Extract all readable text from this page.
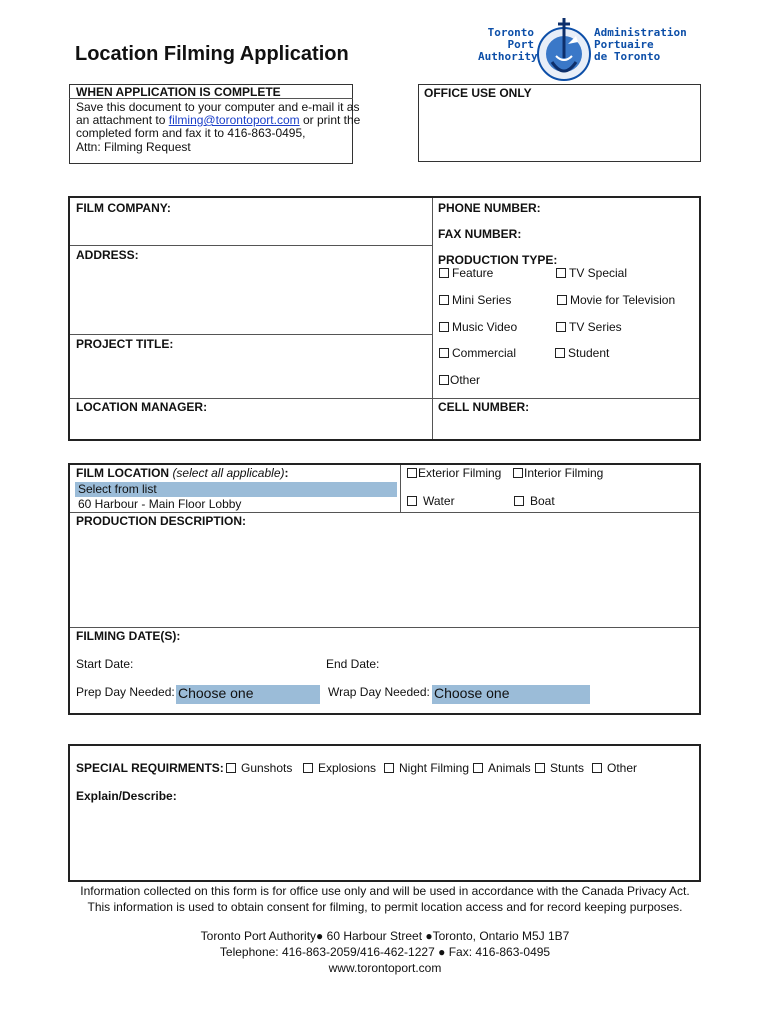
Location Filming Application
Toronto
Port
Authority
Administration
Portuaire
de Toronto
WHEN APPLICATION IS COMPLETE
Save this document to your computer and e-mail it as
an attachment to filming@torontoport.com or print the
completed form and fax it to 416-863-0495,
Attn: Filming Request
OFFICE USE ONLY
FILM COMPANY:
ADDRESS:
PROJECT TITLE:
LOCATION MANAGER:
PHONE NUMBER:
FAX NUMBER:
PRODUCTION TYPE:
CELL NUMBER:
Feature	TV Special
Mini Series	Movie for Television
Music Video	TV Series
Commercial	Student
Other
FILM LOCATION (select all applicable):
Select from list
60 Harbour - Main Floor Lobby
Exterior Filming	Interior Filming
Water	Boat
PRODUCTION DESCRIPTION:
FILMING DATE(S):
Start Date:	End Date:
Prep Day Needed: Choose one	Wrap Day Needed: Choose one
SPECIAL REQUIRMENTS:	Gunshots	Explosions	Night Filming	Animals	Stunts	Other
Explain/Describe:
Information collected on this form is for office use only and will be used in accordance with the Canada Privacy Act.
This information is used to obtain consent for filming, to permit location access and for record keeping purposes.
Toronto Port Authority● 60 Harbour Street ●Toronto, Ontario M5J 1B7
Telephone: 416-863-2059/416-462-1227 ● Fax: 416-863-0495
www.torontoport.com
